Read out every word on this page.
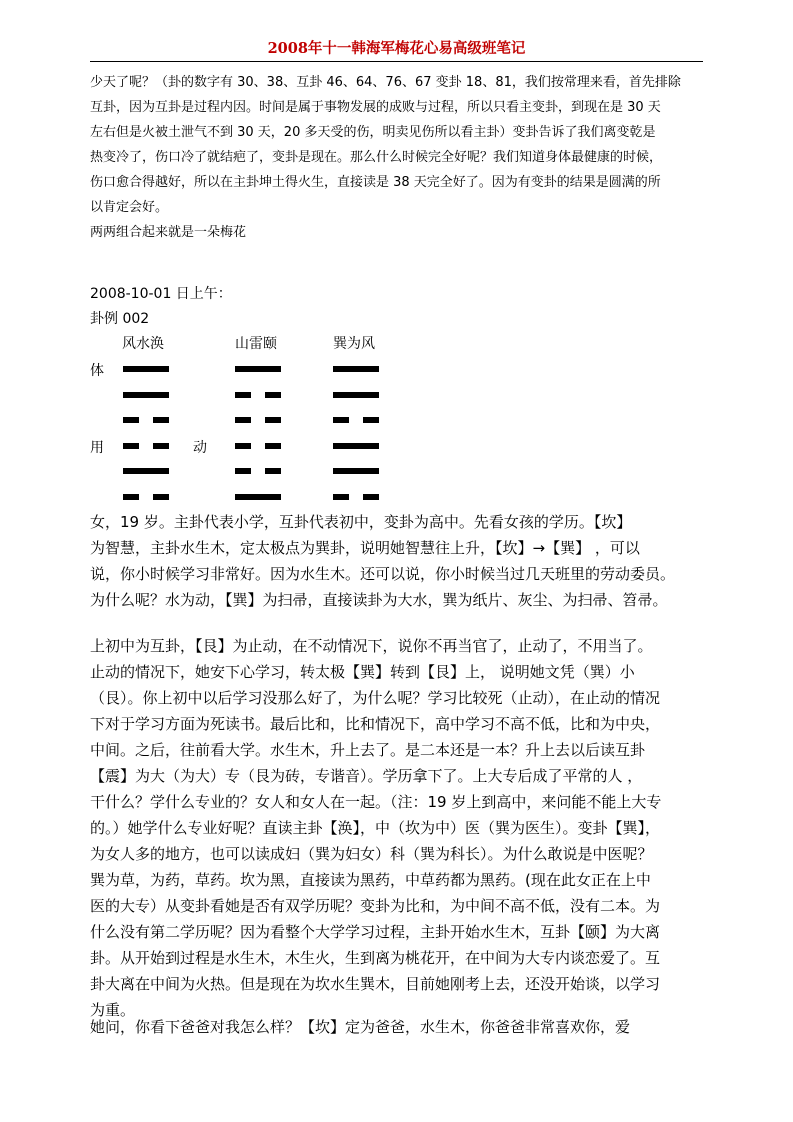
2008年十一韩海军梅花心易高级班笔记
少天了呢？（卦的数字有 30、38、互卦 46、64、76、67 变卦 18、81，我们按常理来看，首先排除
互卦，因为互卦是过程内因。时间是属于事物发展的成败与过程，所以只看主变卦，到现在是 30 天
左右但是火被土泄气不到 30 天，20 多天受的伤，明卖见伤所以看主卦）变卦告诉了我们离变乾是
热变冷了，伤口冷了就结疤了，变卦是现在。那么什么时候完全好呢？我们知道身体最健康的时候，
伤口愈合得越好，所以在主卦坤土得火生，直接读是 38 天完全好了。因为有变卦的结果是圆满的所
以肯定会好。
两两组合起来就是一朵梅花
2008-10-01 日上午：
卦例 002
风水涣	山雷颐	巽为风
体
用	动
女，19 岁。主卦代表小学，互卦代表初中，变卦为高中。先看女孩的学历。【坎】
为智慧，主卦水生木，定太极点为巽卦，说明她智慧往上升，【坎】→【巽】 ，可以
说，你小时候学习非常好。因为水生木。还可以说，你小时候当过几天班里的劳动委员。
为什么呢？水为动，【巽】为扫帚，直接读卦为大水，巽为纸片、灰尘、为扫帚、笤帚。
上初中为互卦，【艮】为止动，在不动情况下，说你不再当官了，止动了，不用当了。
止动的情况下，她安下心学习，转太极【巽】转到【艮】上， 说明她文凭（巽）小
（艮）。你上初中以后学习没那么好了，为什么呢？学习比较死（止动），在止动的情况
下对于学习方面为死读书。最后比和，比和情况下，高中学习不高不低，比和为中央，
中间。之后，往前看大学。水生木，升上去了。是二本还是一本？升上去以后读互卦
【震】为大（为大）专（艮为砖，专谐音）。学历拿下了。上大专后成了平常的人 ，
干什么？学什么专业的？女人和女人在一起。（注：19 岁上到高中，来问能不能上大专
的。）她学什么专业好呢？直读主卦【涣】，中（坎为中）医（巽为医生）。变卦【巽】，
为女人多的地方，也可以读成妇（巽为妇女）科（巽为科长）。为什么敢说是中医呢？
巽为草，为药，草药。坎为黑，直接读为黑药，中草药都为黑药。(现在此女正在上中
医的大专）从变卦看她是否有双学历呢？变卦为比和，为中间不高不低，没有二本。为
什么没有第二学历呢？因为看整个大学学习过程，主卦开始水生木，互卦【颐】为大离
卦。从开始到过程是水生木，木生火，生到离为桃花开，在中间为大专内谈恋爱了。互
卦大离在中间为火热。但是现在为坎水生巽木，目前她刚考上去，还没开始谈，以学习
为重。
她问，你看下爸爸对我怎么样？【坎】定为爸爸，水生木，你爸爸非常喜欢你，爱
